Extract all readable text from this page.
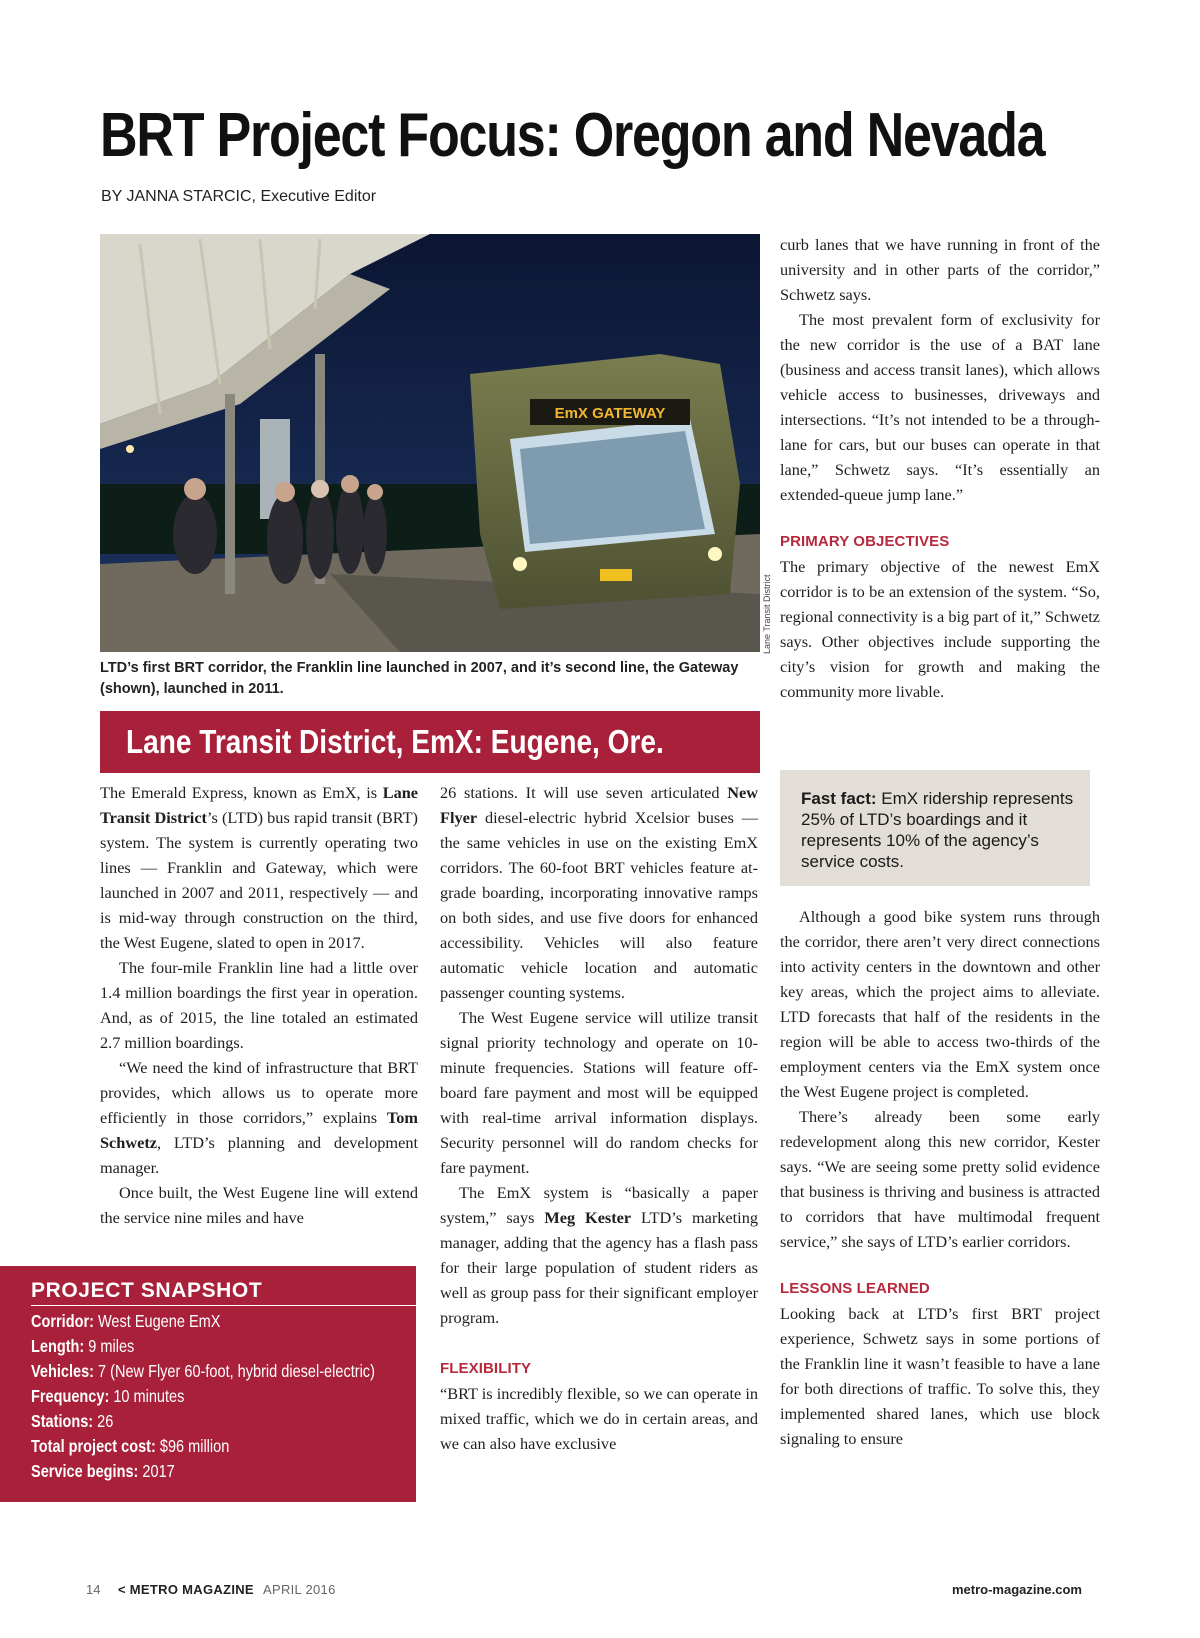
BRT Project Focus: Oregon and Nevada
BY JANNA STARCIC, Executive Editor
EmX GATEWAY
Lane Transit District
LTD’s first BRT corridor, the Franklin line launched in 2007, and it’s second line, the Gateway (shown), launched in 2011.
Lane Transit District, EmX: Eugene, Ore.

The Emerald Express, known as EmX, is Lane Transit District’s (LTD) bus rapid transit (BRT) system. The system is currently operating two lines — Franklin and Gateway, which were launched in 2007 and 2011, respectively — and is mid-way through construction on the third, the West Eugene, slated to open in 2017.

The four-mile Franklin line had a little over 1.4 million boardings the first year in operation. And, as of 2015, the line totaled an estimated 2.7 million boardings.

“We need the kind of infrastructure that BRT provides, which allows us to operate more efficiently in those corridors,” explains Tom Schwetz, LTD’s planning and development manager.

Once built, the West Eugene line will extend the service nine miles and have

26 stations. It will use seven articulated New Flyer diesel-electric hybrid Xcelsior buses — the same vehicles in use on the existing EmX corridors. The 60-foot BRT vehicles feature at-grade boarding, incorporating innovative ramps on both sides, and use five doors for enhanced accessibility. Vehicles will also feature automatic vehicle location and automatic passenger counting systems.

The West Eugene service will utilize transit signal priority technology and operate on 10-minute frequencies. Stations will feature off-board fare payment and most will be equipped with real-time arrival information displays. Security personnel will do random checks for fare payment.

The EmX system is “basically a paper system,” says Meg Kester LTD’s marketing manager, adding that the agency has a flash pass for their large population of student riders as well as group pass for their significant employer program.

FLEXIBILITY

“BRT is incredibly flexible, so we can operate in mixed traffic, which we do in certain areas, and we can also have exclusive

curb lanes that we have running in front of the university and in other parts of the corridor,” Schwetz says.

The most prevalent form of exclusivity for the new corridor is the use of a BAT lane (business and access transit lanes), which allows vehicle access to businesses, driveways and intersections. “It’s not intended to be a through-lane for cars, but our buses can operate in that lane,” Schwetz says. “It’s essentially an extended-queue jump lane.”

PRIMARY OBJECTIVES

The primary objective of the newest EmX corridor is to be an extension of the system. “So, regional connectivity is a big part of it,” Schwetz says. Other objectives include supporting the city’s vision for growth and making the community more livable.

Fast fact: EmX ridership represents 25% of LTD’s boardings and it represents 10% of the agency’s service costs.

Although a good bike system runs through the corridor, there aren’t very direct connections into activity centers in the downtown and other key areas, which the project aims to alleviate. LTD forecasts that half of the residents in the region will be able to access two-thirds of the employment centers via the EmX system once the West Eugene project is completed.

There’s already been some early redevelopment along this new corridor, Kester says. “We are seeing some pretty solid evidence that business is thriving and business is attracted to corridors that have multimodal frequent service,” she says of LTD’s earlier corridors.

LESSONS LEARNED

Looking back at LTD’s first BRT project experience, Schwetz says in some portions of the Franklin line it wasn’t feasible to have a lane for both directions of traffic. To solve this, they implemented shared lanes, which use block signaling to ensure

PROJECT SNAPSHOT
Corridor: West Eugene EmX
Length: 9 miles
Vehicles: 7 (New Flyer 60-foot, hybrid diesel-electric)
Frequency: 10 minutes
Stations: 26
Total project cost: $96 million
Service begins: 2017
14 < METRO MAGAZINE APRIL 2016	metro-magazine.com
